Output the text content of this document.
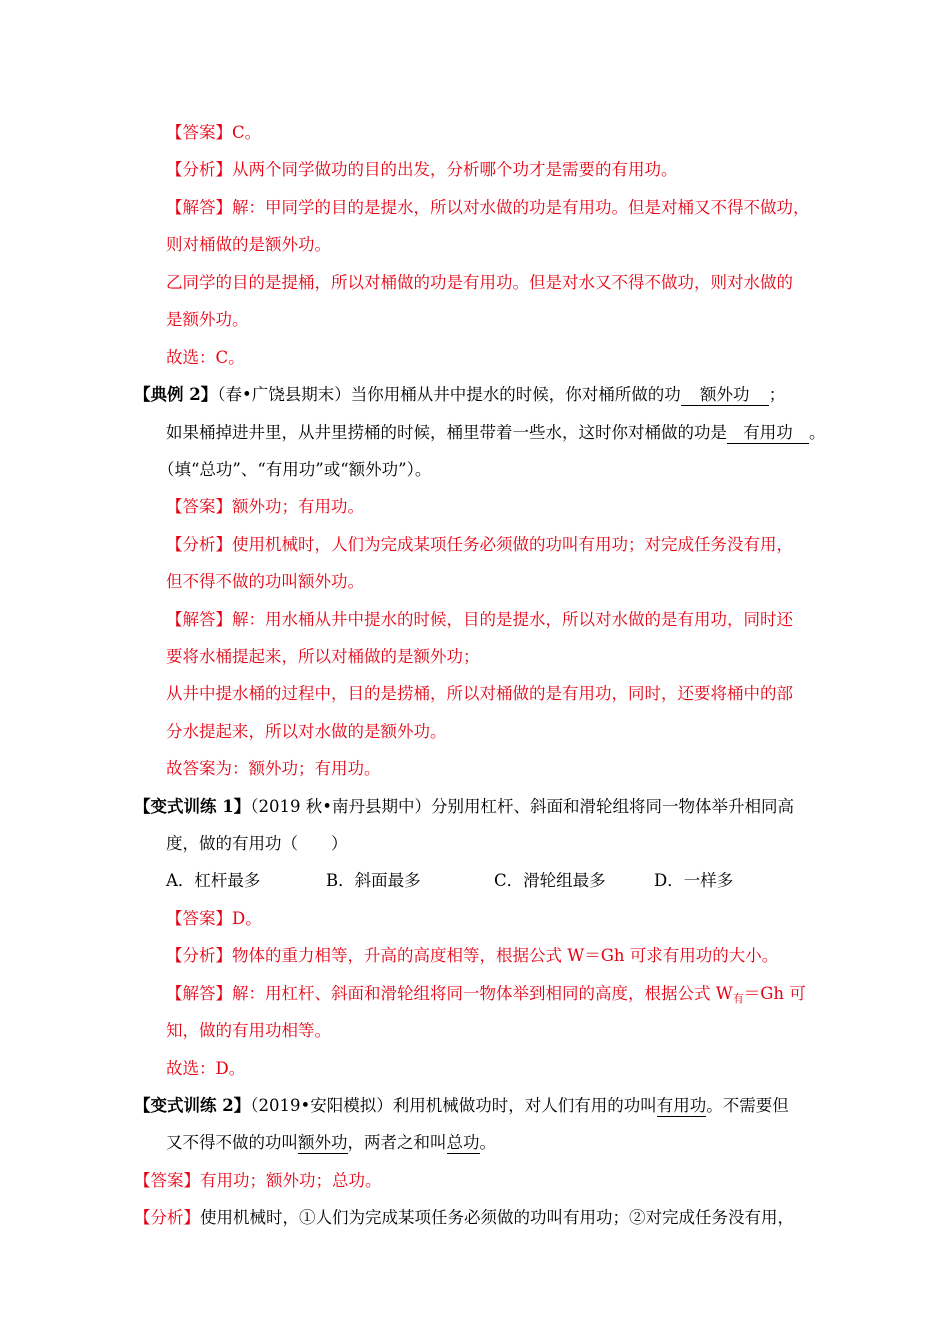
【答案】C。
【分析】从两个同学做功的目的出发，分析哪个功才是需要的有用功。
【解答】解：甲同学的目的是提水，所以对水做的功是有用功。但是对桶又不得不做功，
则对桶做的是额外功。
乙同学的目的是提桶，所以对桶做的功是有用功。但是对水又不得不做功，则对水做的
是额外功。
故选：C。
【典例 2】（春•广饶县期末）当你用桶从井中提水的时候，你对桶所做的功 额外功 ；
如果桶掉进井里，从井里捞桶的时候，桶里带着一些水，这时你对桶做的功是 有用功 。
（填“总功”、“有用功”或“额外功”）。
【答案】额外功；有用功。
【分析】使用机械时，人们为完成某项任务必须做的功叫有用功；对完成任务没有用，
但不得不做的功叫额外功。
【解答】解：用水桶从井中提水的时候，目的是提水，所以对水做的是有用功，同时还
要将水桶提起来，所以对桶做的是额外功；
从井中提水桶的过程中，目的是捞桶，所以对桶做的是有用功，同时，还要将桶中的部
分水提起来，所以对水做的是额外功。
故答案为：额外功；有用功。
【变式训练 1】（2019 秋•南丹县期中）分别用杠杆、斜面和滑轮组将同一物体举升相同高
度，做的有用功（　　）
A．杠杆最多	B．斜面最多	C．滑轮组最多	D．一样多
【答案】D。
【分析】物体的重力相等，升高的高度相等，根据公式 W＝Gh 可求有用功的大小。
【解答】解：用杠杆、斜面和滑轮组将同一物体举到相同的高度，根据公式 $W_有=Gh$ 可
知，做的有用功相等。
故选：D。
【变式训练 2】（2019•安阳模拟）利用机械做功时，对人们有用的功叫有用功。不需要但
又不得不做的功叫额外功，两者之和叫总功。
【答案】有用功；额外功；总功。
【分析】使用机械时，①人们为完成某项任务必须做的功叫有用功；②对完成任务没有用，
